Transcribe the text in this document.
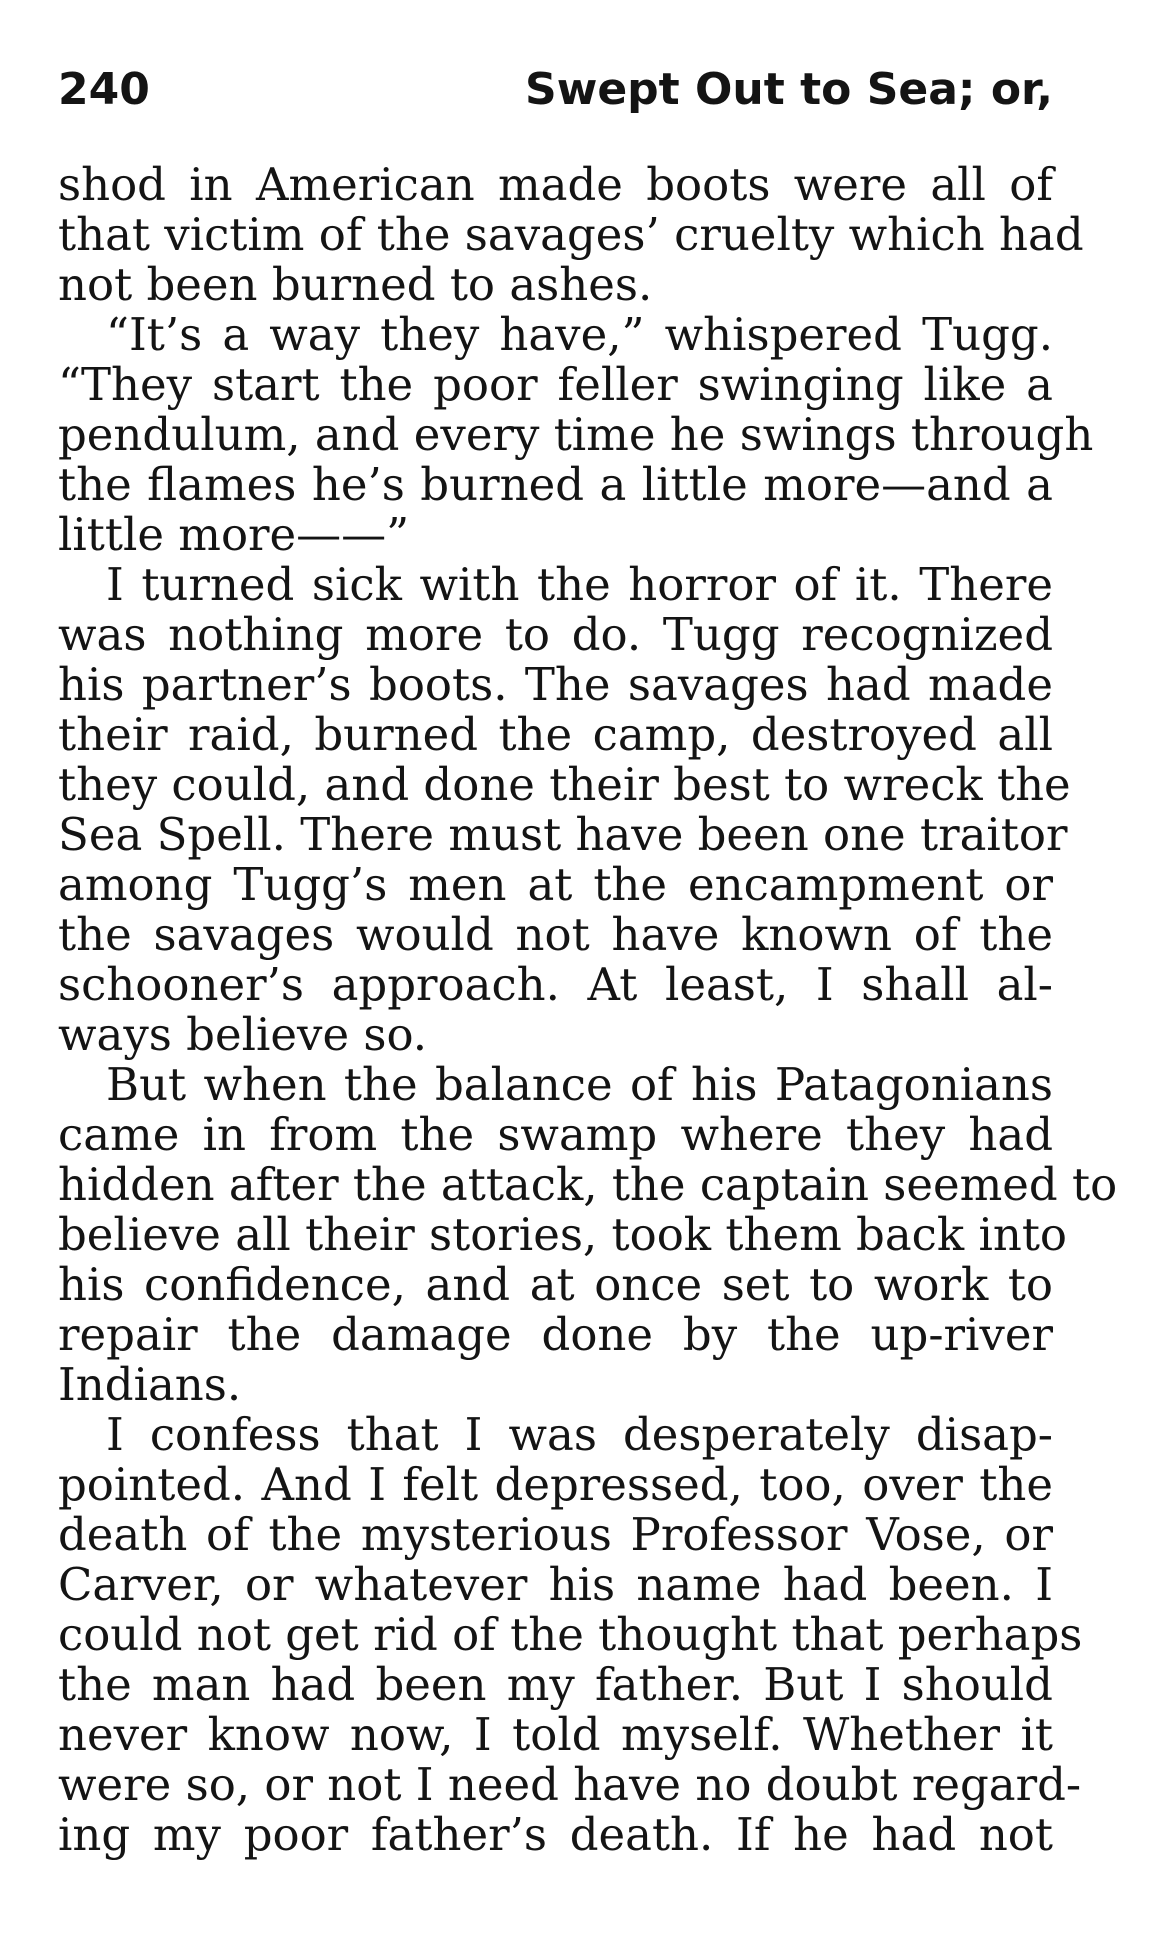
240	Swept Out to Sea; or,
shod in American made boots were all of
that victim of the savages’ cruelty which had
not been burned to ashes.
“It’s a way they have,” whispered Tugg.
“They start the poor feller swinging like a
pendulum, and every time he swings through
the flames he’s burned a little more—and a
little more——”
I turned sick with the horror of it. There
was nothing more to do. Tugg recognized
his partner’s boots. The savages had made
their raid, burned the camp, destroyed all
they could, and done their best to wreck the
Sea Spell. There must have been one traitor
among Tugg’s men at the encampment or
the savages would not have known of the
schooner’s approach. At least, I shall al-
ways believe so.
But when the balance of his Patagonians
came in from the swamp where they had
hidden after the attack, the captain seemed to
believe all their stories, took them back into
his confidence, and at once set to work to
repair the damage done by the up-river
Indians.
I confess that I was desperately disap-
pointed. And I felt depressed, too, over the
death of the mysterious Professor Vose, or
Carver, or whatever his name had been. I
could not get rid of the thought that perhaps
the man had been my father. But I should
never know now, I told myself. Whether it
were so, or not I need have no doubt regard-
ing my poor father’s death. If he had not
